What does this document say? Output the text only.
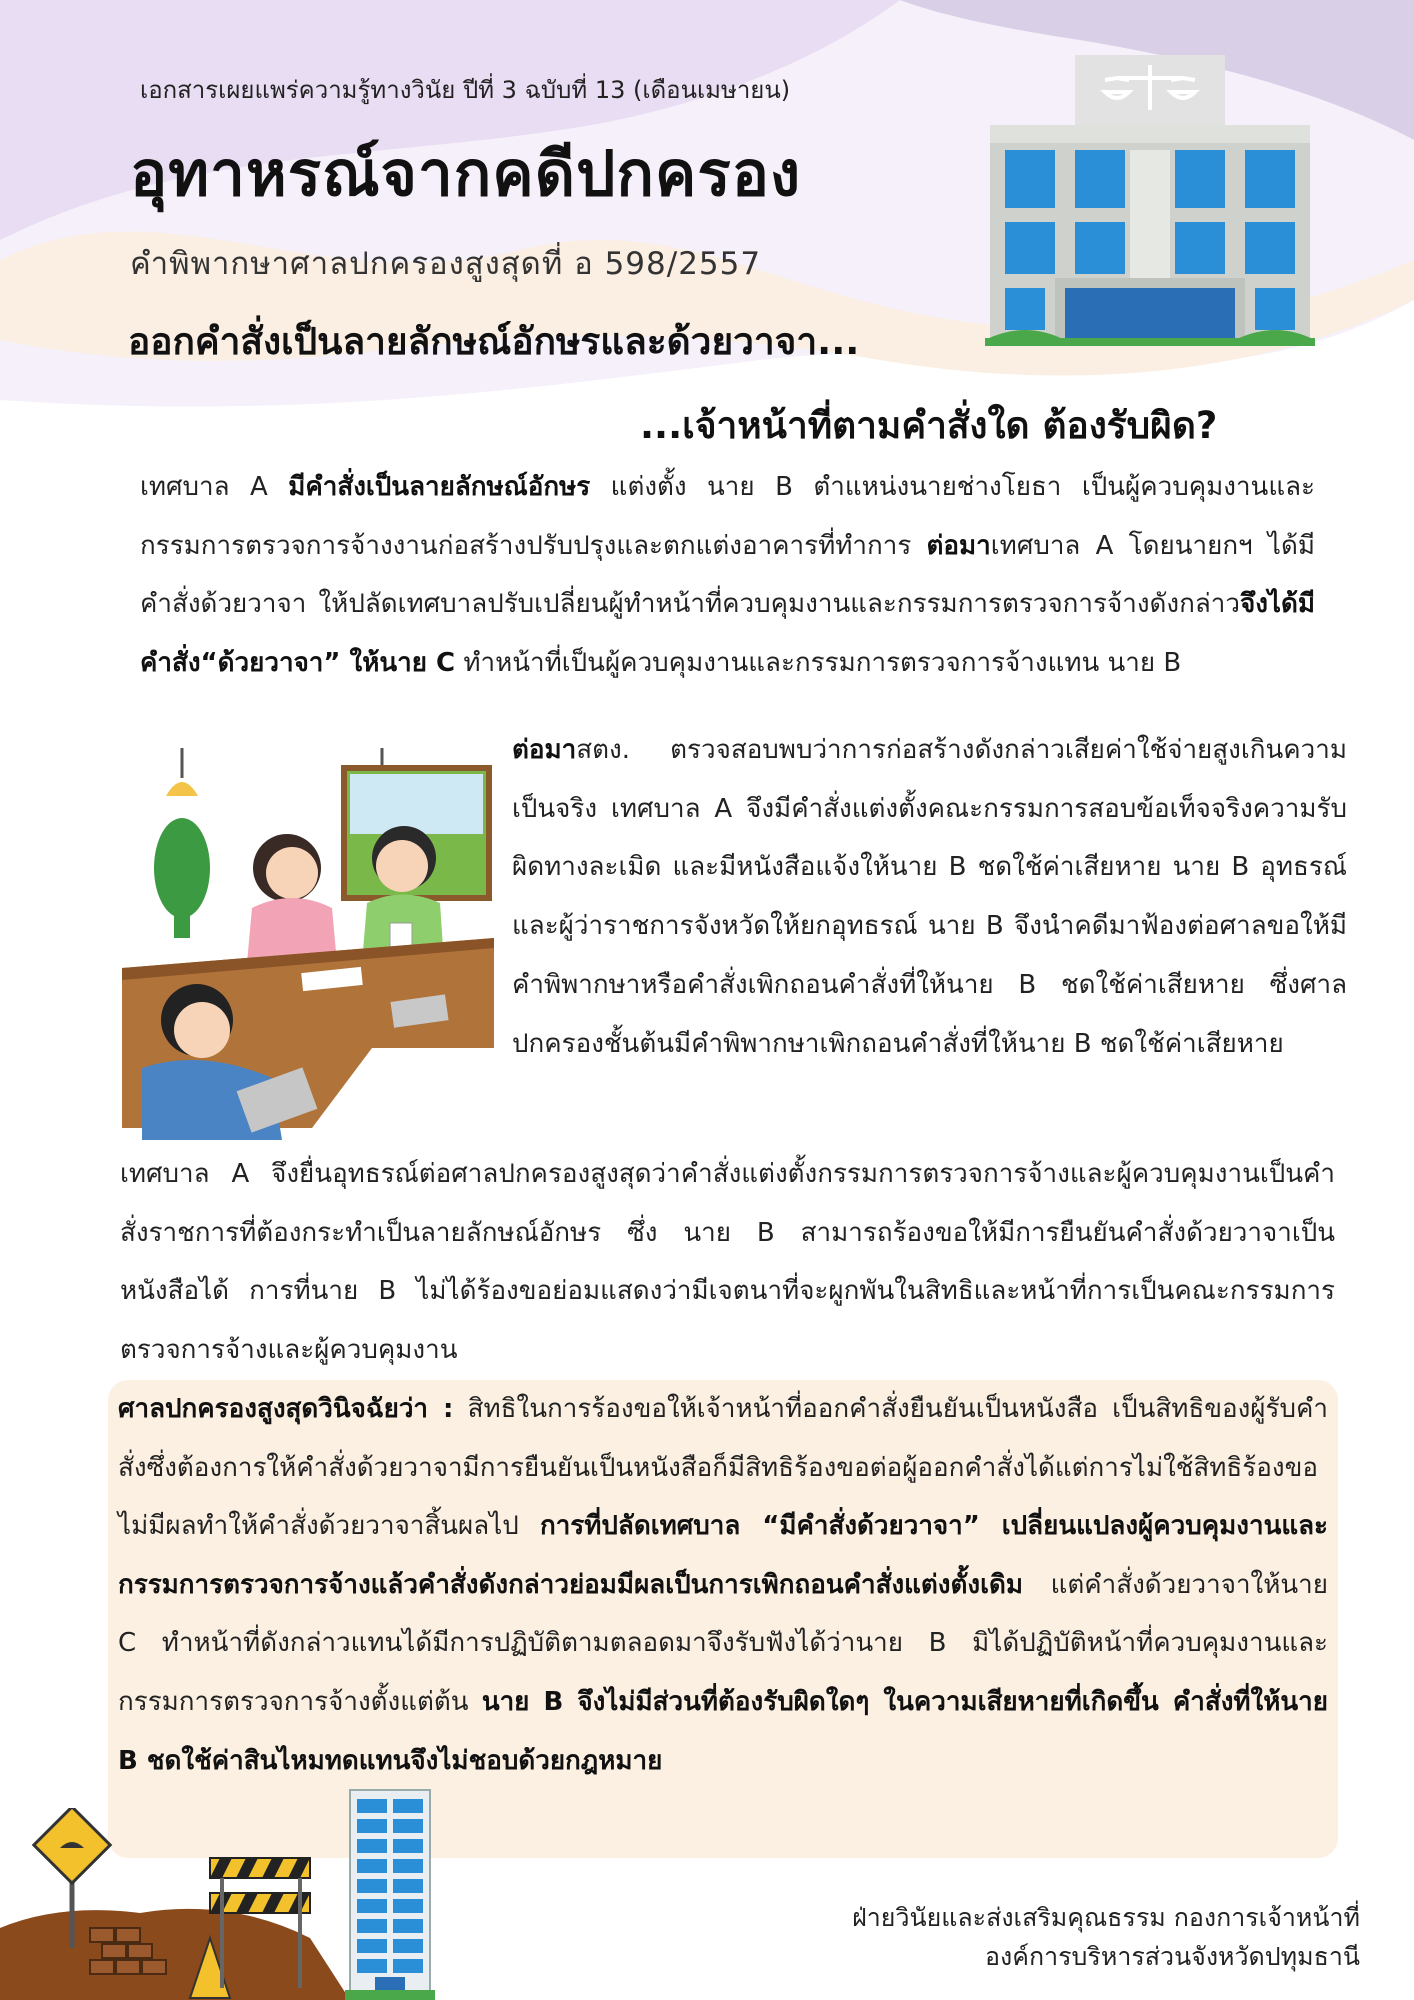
เอกสารเผยแพร่ความรู้ทางวินัย ปีที่ 3 ฉบับที่ 13 (เดือนเมษายน)
อุทาหรณ์จากคดีปกครอง
คำพิพากษาศาลปกครองสูงสุดที่ อ 598/2557
ออกคำสั่งเป็นลายลักษณ์อักษรและด้วยวาจา...
...เจ้าหน้าที่ตามคำสั่งใด ต้องรับผิด?
เทศบาล A มีคำสั่งเป็นลายลักษณ์อักษร แต่งตั้ง นาย B ตำแหน่งนายช่างโยธา เป็นผู้ควบคุมงานและกรรมการตรวจการจ้างงานก่อสร้างปรับปรุงและตกแต่งอาคารที่ทำการ ต่อมาเทศบาล A โดยนายกฯ ได้มีคำสั่งด้วยวาจา ให้ปลัดเทศบาลปรับเปลี่ยนผู้ทำหน้าที่ควบคุมงานและกรรมการตรวจการจ้างดังกล่าวจึงได้มีคำสั่ง“ด้วยวาจา” ให้นาย C ทำหน้าที่เป็นผู้ควบคุมงานและกรรมการตรวจการจ้างแทน นาย B
ต่อมาสตง. ตรวจสอบพบว่าการก่อสร้างดังกล่าวเสียค่าใช้จ่ายสูงเกินความเป็นจริง เทศบาล A จึงมีคำสั่งแต่งตั้งคณะกรรมการสอบข้อเท็จจริงความรับผิดทางละเมิด และมีหนังสือแจ้งให้นาย B ชดใช้ค่าเสียหาย นาย B อุทธรณ์ และผู้ว่าราชการจังหวัดให้ยกอุทธรณ์ นาย B จึงนำคดีมาฟ้องต่อศาลขอให้มีคำพิพากษาหรือคำสั่งเพิกถอนคำสั่งที่ให้นาย B ชดใช้ค่าเสียหาย ซึ่งศาลปกครองชั้นต้นมีคำพิพากษาเพิกถอนคำสั่งที่ให้นาย B ชดใช้ค่าเสียหาย
เทศบาล A จึงยื่นอุทธรณ์ต่อศาลปกครองสูงสุดว่าคำสั่งแต่งตั้งกรรมการตรวจการจ้างและผู้ควบคุมงานเป็นคำสั่งราชการที่ต้องกระทำเป็นลายลักษณ์อักษร ซึ่ง นาย B สามารถร้องขอให้มีการยืนยันคำสั่งด้วยวาจาเป็นหนังสือได้ การที่นาย B ไม่ได้ร้องขอย่อมแสดงว่ามีเจตนาที่จะผูกพันในสิทธิและหน้าที่การเป็นคณะกรรมการตรวจการจ้างและผู้ควบคุมงาน
ศาลปกครองสูงสุดวินิจฉัยว่า : สิทธิในการร้องขอให้เจ้าหน้าที่ออกคำสั่งยืนยันเป็นหนังสือ เป็นสิทธิของผู้รับคำสั่งซึ่งต้องการให้คำสั่งด้วยวาจามีการยืนยันเป็นหนังสือก็มีสิทธิร้องขอต่อผู้ออกคำสั่งได้แต่การไม่ใช้สิทธิร้องขอไม่มีผลทำให้คำสั่งด้วยวาจาสิ้นผลไป การที่ปลัดเทศบาล “มีคำสั่งด้วยวาจา” เปลี่ยนแปลงผู้ควบคุมงานและกรรมการตรวจการจ้างแล้วคำสั่งดังกล่าวย่อมมีผลเป็นการเพิกถอนคำสั่งแต่งตั้งเดิม แต่คำสั่งด้วยวาจาให้นาย C ทำหน้าที่ดังกล่าวแทนได้มีการปฏิบัติตามตลอดมาจึงรับฟังได้ว่านาย B มิได้ปฏิบัติหน้าที่ควบคุมงานและกรรมการตรวจการจ้างตั้งแต่ต้น นาย B จึงไม่มีส่วนที่ต้องรับผิดใดๆ ในความเสียหายที่เกิดขึ้น คำสั่งที่ให้นาย B ชดใช้ค่าสินไหมทดแทนจึงไม่ชอบด้วยกฎหมาย
ฝ่ายวินัยและส่งเสริมคุณธรรม กองการเจ้าหน้าที่
องค์การบริหารส่วนจังหวัดปทุมธานี
